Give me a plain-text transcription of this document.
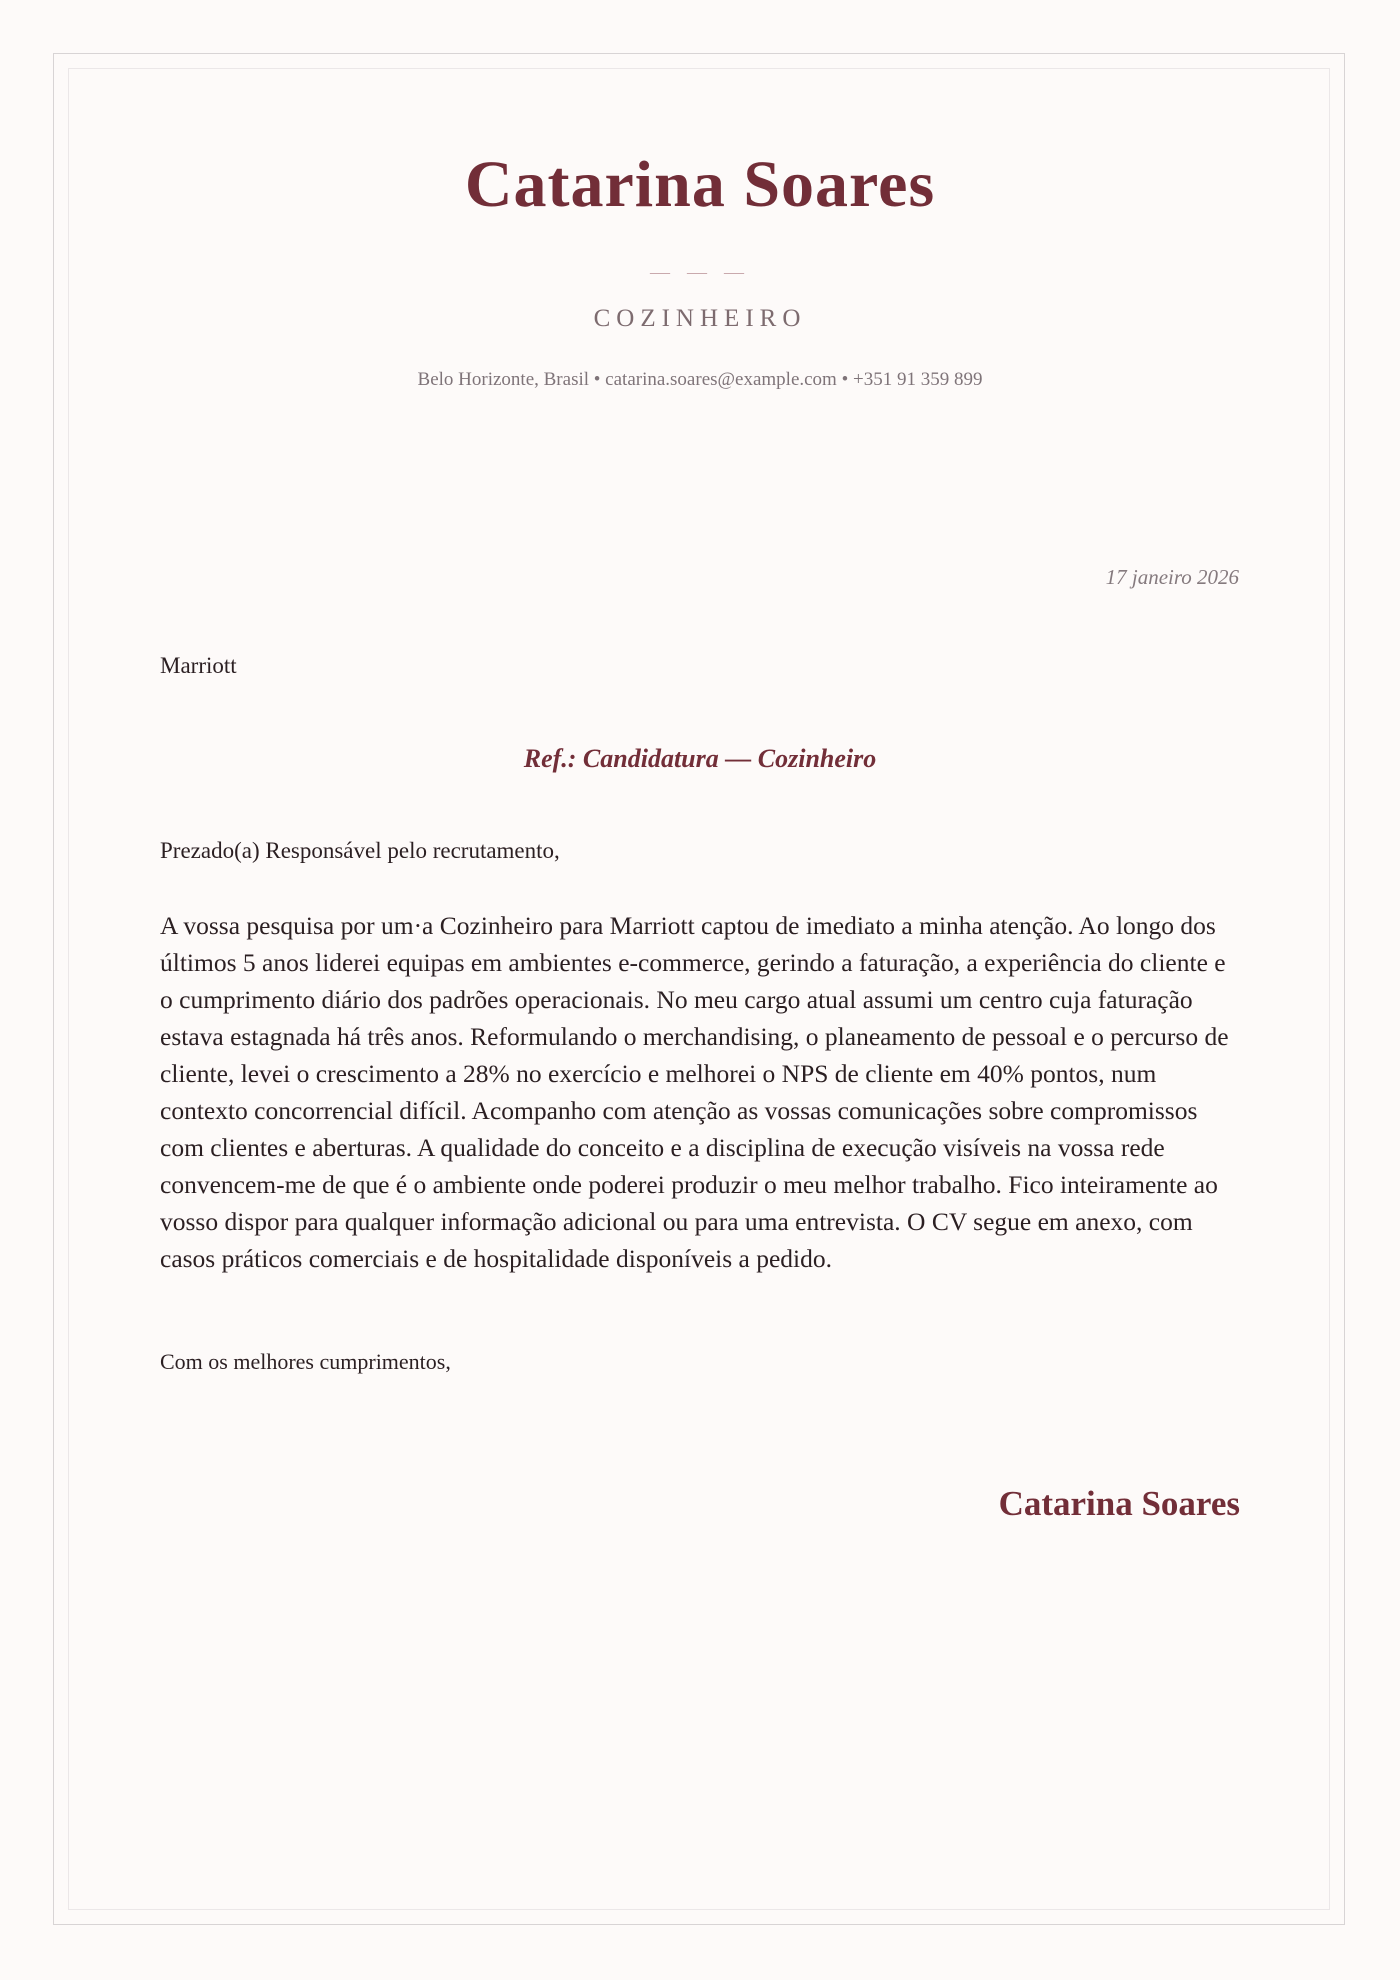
Catarina Soares
— — —
COZINHEIRO
Belo Horizonte, Brasil • catarina.soares@example.com • +351 91 359 899
17 janeiro 2026
Marriott
Ref.: Candidatura — Cozinheiro
Prezado(a) Responsável pelo recrutamento,

A vossa pesquisa por um·a Cozinheiro para Marriott captou de imediato a minha atenção. Ao longo dos últimos 5 anos liderei equipas em ambientes e-commerce, gerindo a faturação, a experiência do cliente e o cumprimento diário dos padrões operacionais. No meu cargo atual assumi um centro cuja faturação estava estagnada há três anos. Reformulando o merchandising, o planeamento de pessoal e o percurso de cliente, levei o crescimento a 28% no exercício e melhorei o NPS de cliente em 40% pontos, num contexto concorrencial difícil. Acompanho com atenção as vossas comunicações sobre compromissos com clientes e aberturas. A qualidade do conceito e a disciplina de execução visíveis na vossa rede convencem-me de que é o ambiente onde poderei produzir o meu melhor trabalho. Fico inteiramente ao vosso dispor para qualquer informação adicional ou para uma entrevista. O CV segue em anexo, com casos práticos comerciais e de hospitalidade disponíveis a pedido.

Com os melhores cumprimentos,
Catarina Soares
